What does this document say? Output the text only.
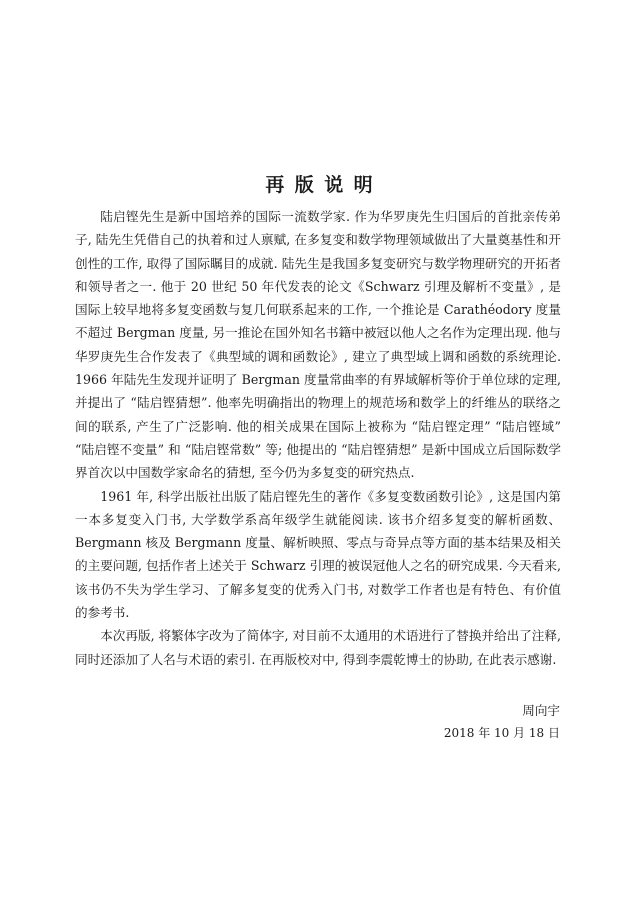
再版说明

陆启铿先生是新中国培养的国际一流数学家. 作为华罗庚先生归国后的首批亲传弟子, 陆先生凭借自己的执着和过人禀赋, 在多复变和数学物理领域做出了大量奠基性和开创性的工作, 取得了国际瞩目的成就. 陆先生是我国多复变研究与数学物理研究的开拓者和领导者之一. 他于 20 世纪 50 年代发表的论文《Schwarz 引理及解析不变量》, 是国际上较早地将多复变函数与复几何联系起来的工作, 一个推论是 Carathéodory 度量不超过 Bergman 度量, 另一推论在国外知名书籍中被冠以他人之名作为定理出现. 他与华罗庚先生合作发表了《典型域的调和函数论》, 建立了典型域上调和函数的系统理论. 1966 年陆先生发现并证明了 Bergman 度量常曲率的有界域解析等价于单位球的定理, 并提出了 “陆启铿猜想”. 他率先明确指出的物理上的规范场和数学上的纤维丛的联络之间的联系, 产生了广泛影响. 他的相关成果在国际上被称为 “陆启铿定理” “陆启铿域” “陆启铿不变量” 和 “陆启铿常数” 等; 他提出的 “陆启铿猜想” 是新中国成立后国际数学界首次以中国数学家命名的猜想, 至今仍为多复变的研究热点.

1961 年, 科学出版社出版了陆启铿先生的著作《多复变数函数引论》, 这是国内第一本多复变入门书, 大学数学系高年级学生就能阅读. 该书介绍多复变的解析函数、Bergmann 核及 Bergmann 度量、解析映照、零点与奇异点等方面的基本结果及相关的主要问题, 包括作者上述关于 Schwarz 引理的被误冠他人之名的研究成果. 今天看来, 该书仍不失为学生学习、了解多复变的优秀入门书, 对数学工作者也是有特色、有价值的参考书.

本次再版, 将繁体字改为了简体字, 对目前不太通用的术语进行了替换并给出了注释, 同时还添加了人名与术语的索引. 在再版校对中, 得到李震乾博士的协助, 在此表示感谢.

周向宇
2018 年 10 月 18 日
